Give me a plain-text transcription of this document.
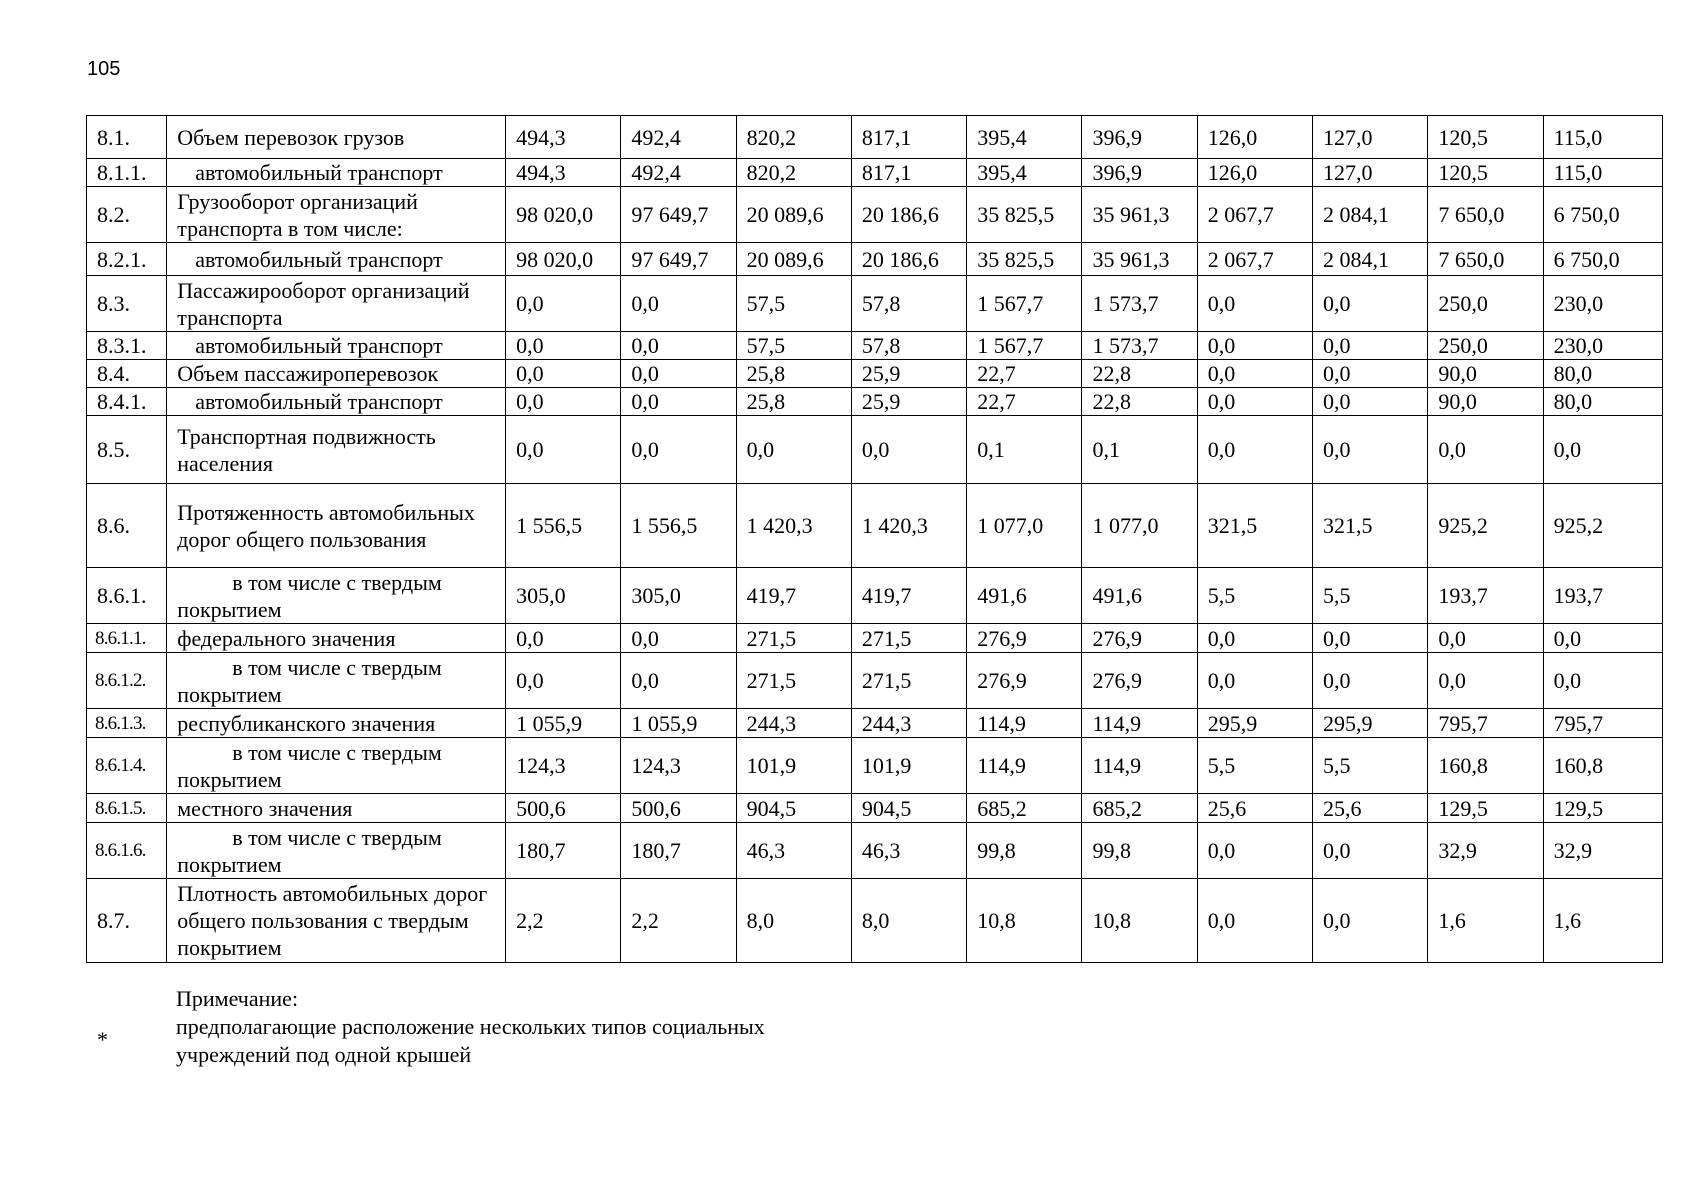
105
8.1.	Объем перевозок грузов	494,3	492,4	820,2	817,1	395,4	396,9	126,0	127,0	120,5	115,0
8.1.1.	автомобильный транспорт	494,3	492,4	820,2	817,1	395,4	396,9	126,0	127,0	120,5	115,0
8.2.	Грузооборот организаций транспорта в том числе:	98 020,0	97 649,7	20 089,6	20 186,6	35 825,5	35 961,3	2 067,7	2 084,1	7 650,0	6 750,0
8.2.1.	автомобильный транспорт	98 020,0	97 649,7	20 089,6	20 186,6	35 825,5	35 961,3	2 067,7	2 084,1	7 650,0	6 750,0
8.3.	Пассажирооборот организаций транспорта	0,0	0,0	57,5	57,8	1 567,7	1 573,7	0,0	0,0	250,0	230,0
8.3.1.	автомобильный транспорт	0,0	0,0	57,5	57,8	1 567,7	1 573,7	0,0	0,0	250,0	230,0
8.4.	Объем пассажироперевозок	0,0	0,0	25,8	25,9	22,7	22,8	0,0	0,0	90,0	80,0
8.4.1.	автомобильный транспорт	0,0	0,0	25,8	25,9	22,7	22,8	0,0	0,0	90,0	80,0
8.5.	Транспортная подвижность населения	0,0	0,0	0,0	0,0	0,1	0,1	0,0	0,0	0,0	0,0
8.6.	Протяженность автомобильных дорог общего пользования	1 556,5	1 556,5	1 420,3	1 420,3	1 077,0	1 077,0	321,5	321,5	925,2	925,2
8.6.1.	в том числе с твердым
покрытием	305,0	305,0	419,7	419,7	491,6	491,6	5,5	5,5	193,7	193,7
8.6.1.1.	федерального значения	0,0	0,0	271,5	271,5	276,9	276,9	0,0	0,0	0,0	0,0
8.6.1.2.	в том числе с твердым
покрытием	0,0	0,0	271,5	271,5	276,9	276,9	0,0	0,0	0,0	0,0
8.6.1.3.	республиканского значения	1 055,9	1 055,9	244,3	244,3	114,9	114,9	295,9	295,9	795,7	795,7
8.6.1.4.	в том числе с твердым
покрытием	124,3	124,3	101,9	101,9	114,9	114,9	5,5	5,5	160,8	160,8
8.6.1.5.	местного значения	500,6	500,6	904,5	904,5	685,2	685,2	25,6	25,6	129,5	129,5
8.6.1.6.	в том числе с твердым
покрытием	180,7	180,7	46,3	46,3	99,8	99,8	0,0	0,0	32,9	32,9
8.7.	Плотность автомобильных дорог общего пользования с твердым покрытием	2,2	2,2	8,0	8,0	10,8	10,8	0,0	0,0	1,6	1,6
*
Примечание:
предполагающие расположение нескольких типов социальных
учреждений под одной крышей
